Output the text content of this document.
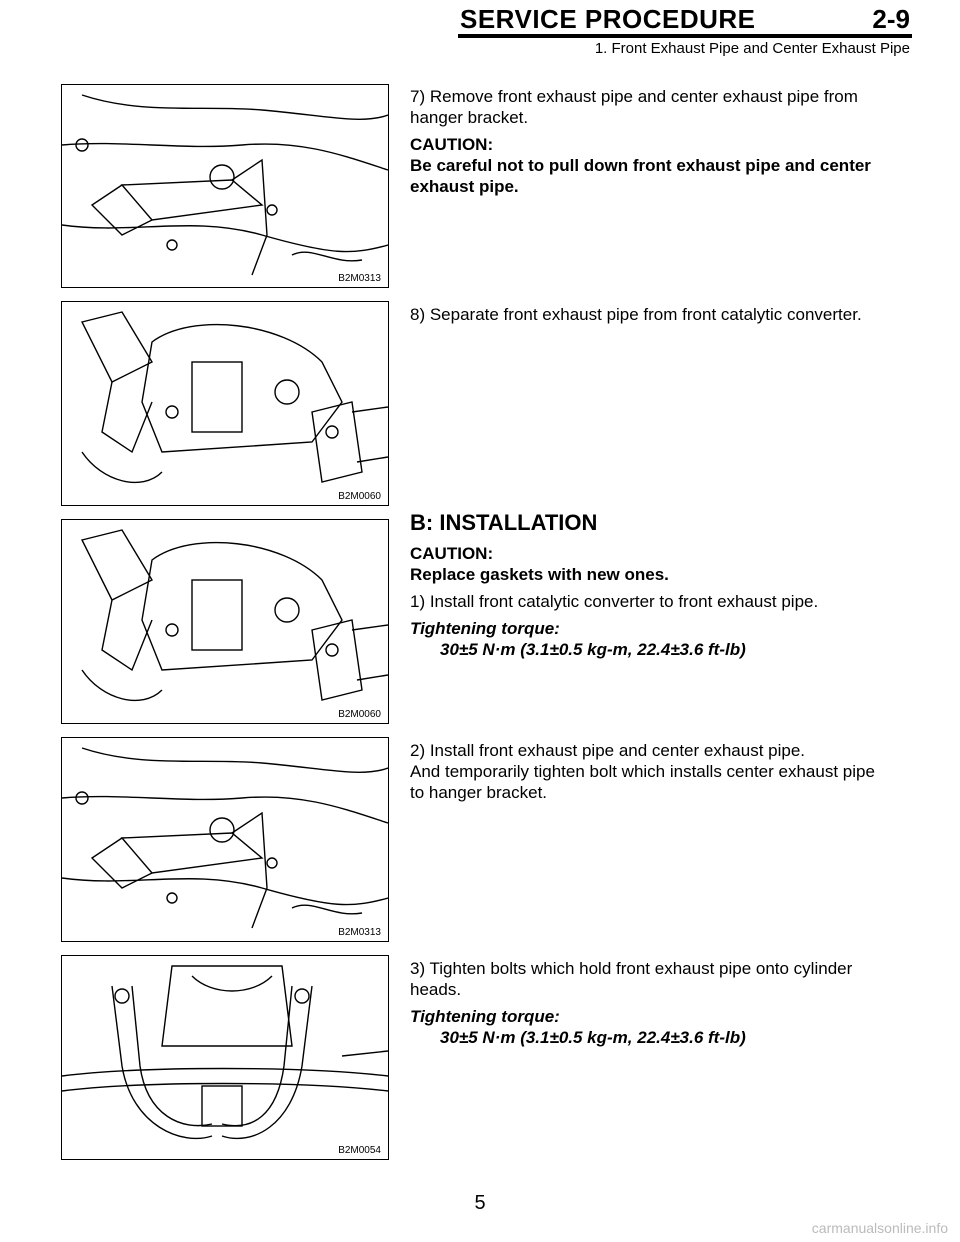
SERVICE PROCEDURE	2-9
1. Front Exhaust Pipe and Center Exhaust Pipe
B2M0313
B2M0060
B2M0060
B2M0313
B2M0054

7) Remove front exhaust pipe and center exhaust pipe from hanger bracket.

CAUTION:

Be careful not to pull down front exhaust pipe and center exhaust pipe.

8) Separate front exhaust pipe from front catalytic converter.

B: INSTALLATION

CAUTION:

Replace gaskets with new ones.

1) Install front catalytic converter to front exhaust pipe.

Tightening torque:

30±5 N·m (3.1±0.5 kg-m, 22.4±3.6 ft-lb)

2) Install front exhaust pipe and center exhaust pipe.

And temporarily tighten bolt which installs center exhaust pipe to hanger bracket.

3) Tighten bolts which hold front exhaust pipe onto cylinder heads.

Tightening torque:

30±5 N·m (3.1±0.5 kg-m, 22.4±3.6 ft-lb)

5
carmanualsonline.info
